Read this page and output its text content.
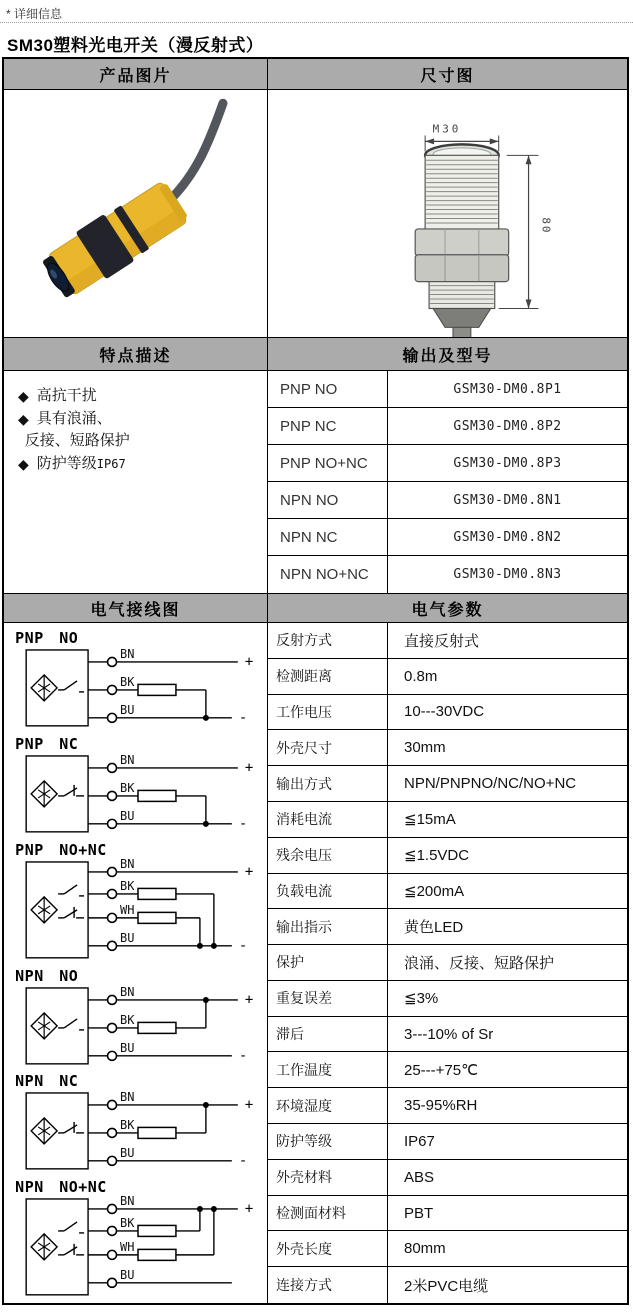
* 详细信息
SM30塑料光电开关（漫反射式）
产品图片	尺寸图
M30
80
特点描述	输出及型号
◆ 高抗干扰
◆ 具有浪涌、
反接、短路保护
◆ 防护等级IP67
PNP NO	GSM30-DM0.8P1
PNP NC	GSM30-DM0.8P2
PNP NO+NC	GSM30-DM0.8P3
NPN NO	GSM30-DM0.8N1
NPN NC	GSM30-DM0.8N2
NPN NO+NC	GSM30-DM0.8N3
电气接线图	电气参数
PNP NO
BN	+
BK
BU	-
PNP NC
BN	+
BK
BU	-
PNP NO+NC
BN	+
BK
WH
BU	-
NPN NO
BN	+
BK
BU	-
NPN NC
BN	+
BK
BU	-
NPN NO+NC
BN	+
BK
WH
BU
反射方式	直接反射式
检测距离	0.8m
工作电压	10---30VDC
外壳尺寸	30mm
输出方式	NPN/PNPNO/NC/NO+NC
消耗电流	≦15mA
残余电压	≦1.5VDC
负载电流	≦200mA
输出指示	黄色LED
保护	浪涌、反接、短路保护
重复误差	≦3%
滞后	3---10% of Sr
工作温度	25---+75℃
环境湿度	35-95%RH
防护等级	IP67
外壳材料	ABS
检测面材料	PBT
外壳长度	80mm
连接方式	2米PVC电缆
